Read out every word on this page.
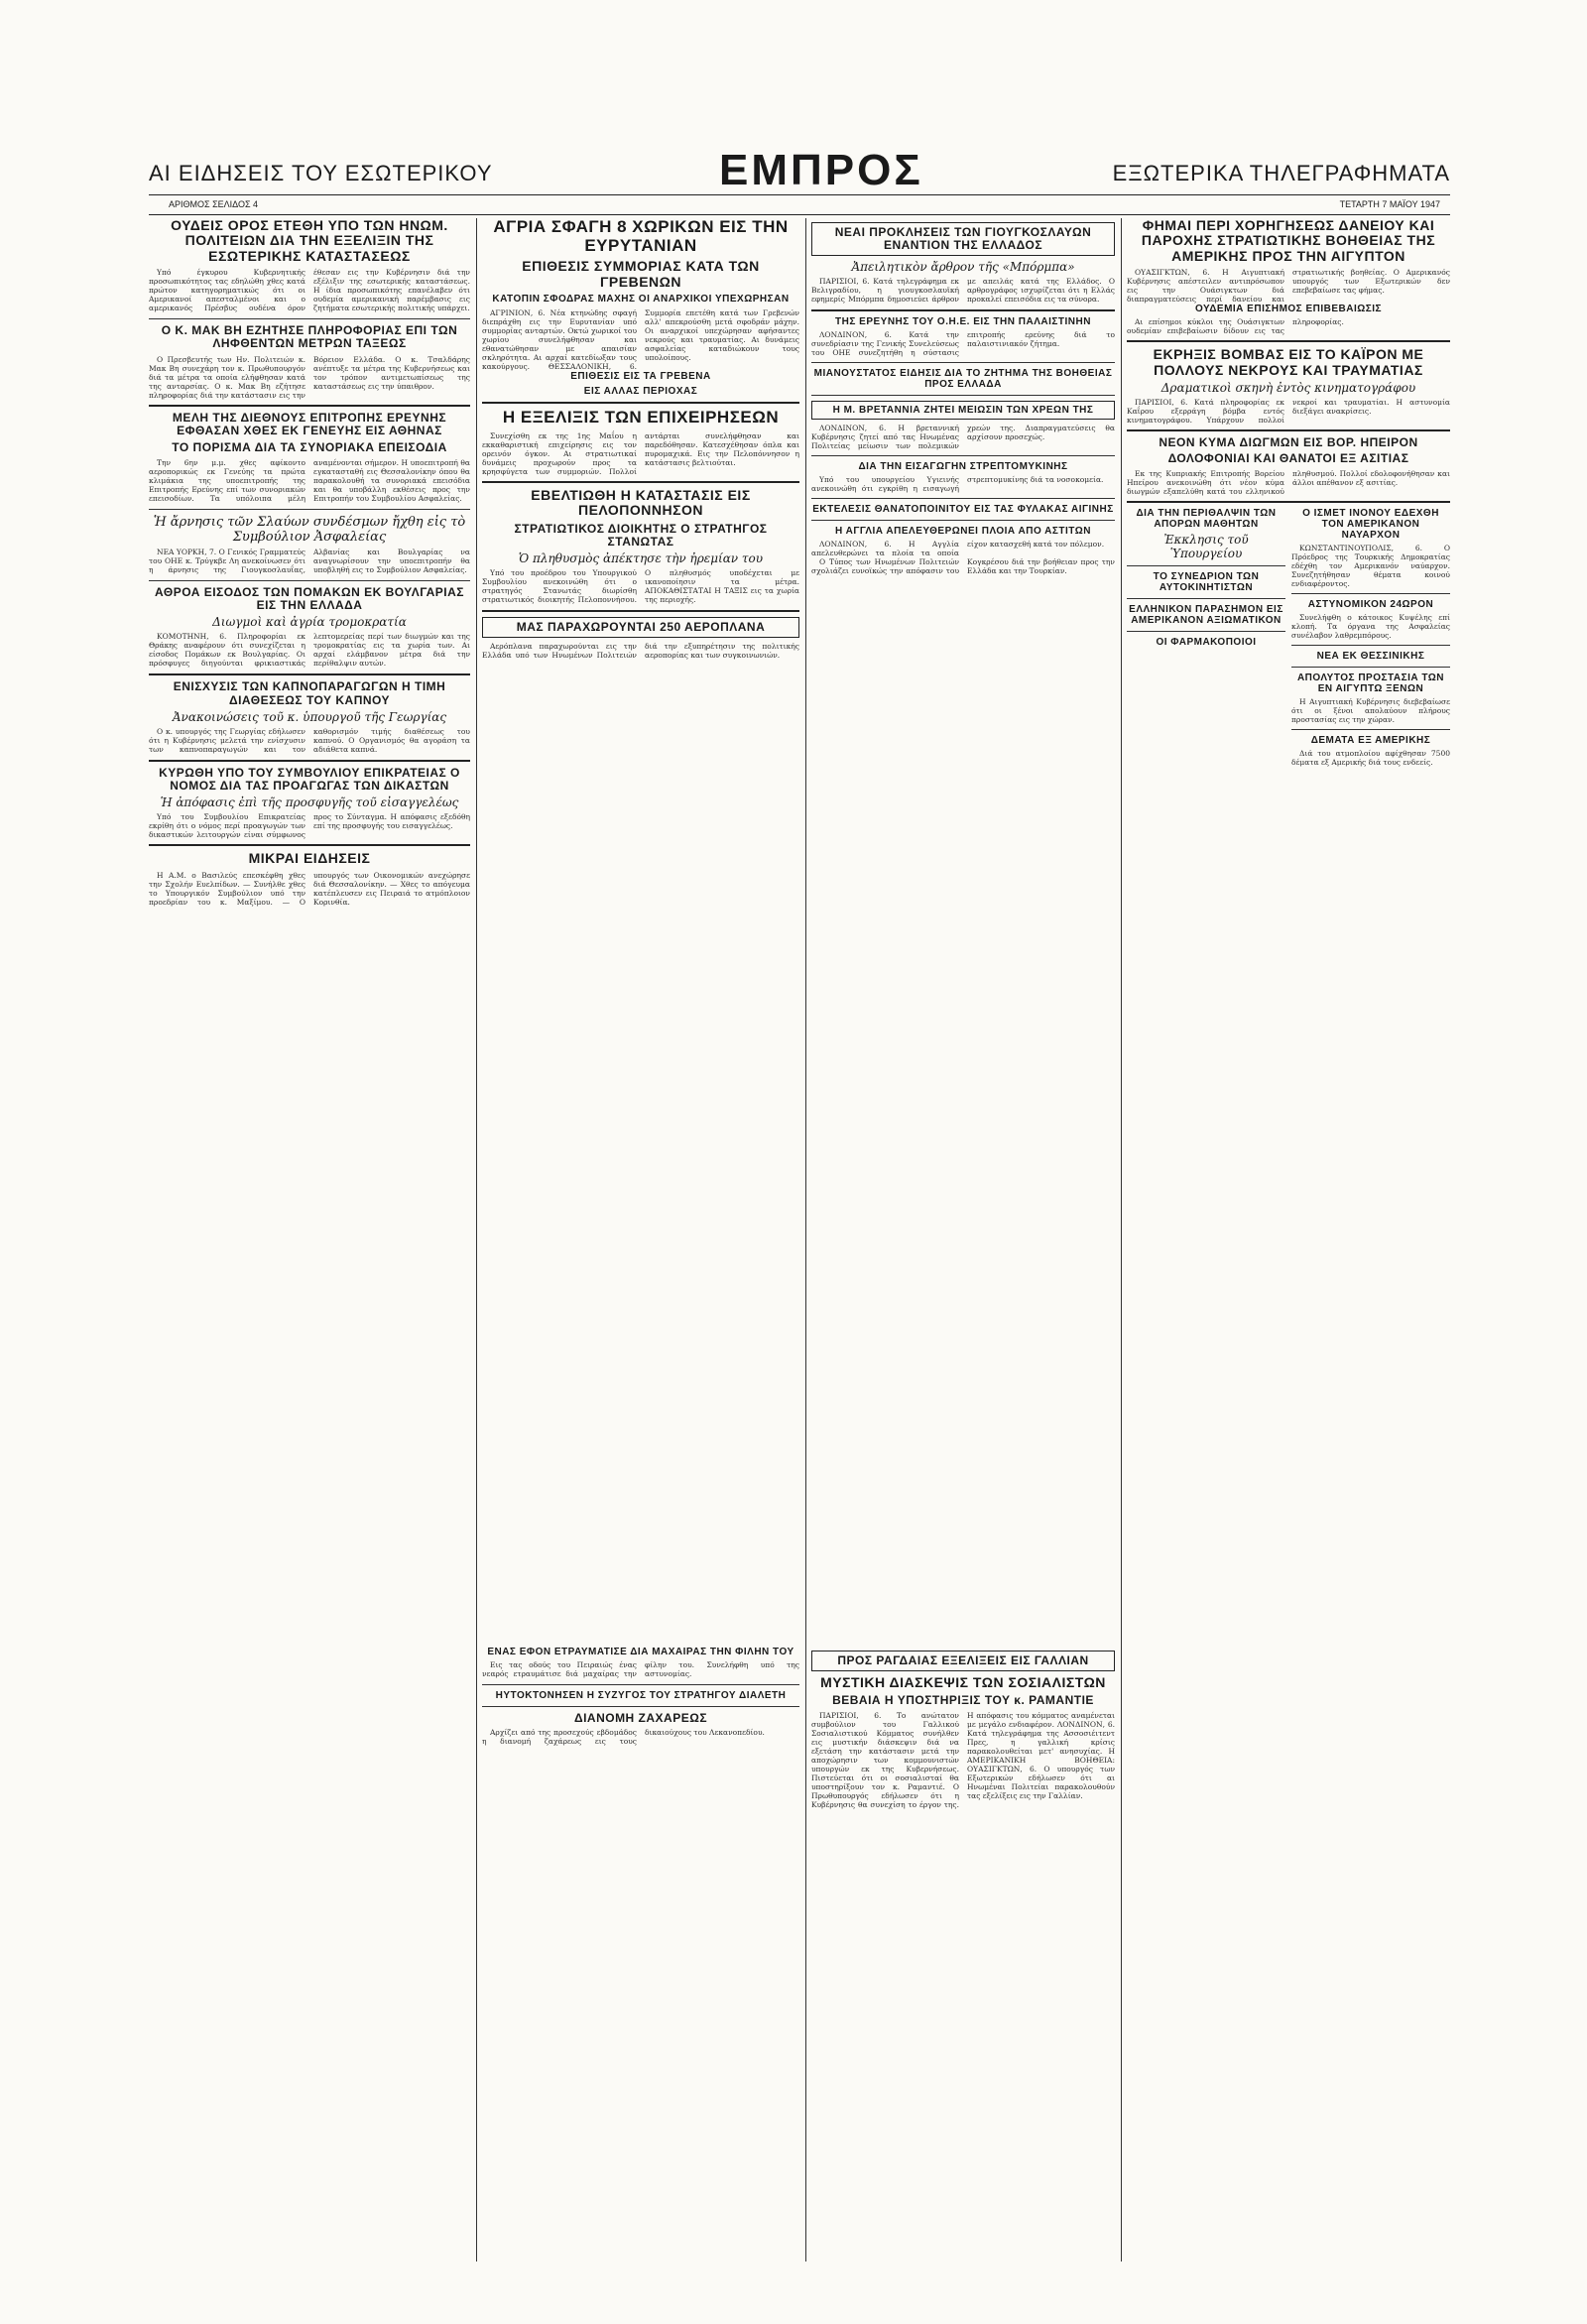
ΑΙ ΕΙΔΗΣΕΙΣ ΤΟΥ ΕΣΩΤΕΡΙΚΟΥ	ΕΜΠΡΟΣ	ΕΞΩΤΕΡΙΚΑ ΤΗΛΕΓΡΑΦΗΜΑΤΑ
ΑΡΙΘΜΟΣ ΣΕΛΙΔΟΣ 4	ΤΕΤΑΡΤΗ 7 ΜΑΪΟΥ 1947
ΟΥΔΕΙΣ ΟΡΟΣ ΕΤΕΘΗ ΥΠΟ ΤΩΝ ΗΝΩΜ. ΠΟΛΙΤΕΙΩΝ ΔΙΑ ΤΗΝ ΕΞΕΛΙΞΙΝ ΤΗΣ ΕΣΩΤΕΡΙΚΗΣ ΚΑΤΑΣΤΑΣΕΩΣ

Υπό έγκυρου Κυβερνητικής προσωπικότητος τας εδηλώθη χθες κατά πρώτον κατηγορηματικώς ότι οι Αμερικανοί απεσταλμένοι και ο αμερικανός Πρέσβυς ουδένα όρον έθεσαν εις την Κυβέρνησιν διά την εξέλιξιν της εσωτερικής καταστάσεως. Η ίδια προσωπικότης επανέλαβεν ότι ουδεμία αμερικανική παρέμβασις εις ζητήματα εσωτερικής πολιτικής υπάρχει.

Ο Κ. ΜΑΚ ΒΗ ΕΖΗΤΗΣΕ ΠΛΗΡΟΦΟΡΙΑΣ ΕΠΙ ΤΩΝ ΛΗΦΘΕΝΤΩΝ ΜΕΤΡΩΝ ΤΑΞΕΩΣ

Ο Πρεσβευτής των Ην. Πολιτειών κ. Μακ Βη συνεχάρη τον κ. Πρωθυπουργόν διά τα μέτρα τα οποία ελήφθησαν κατά της ανταρσίας. Ο κ. Μακ Βη εζήτησε πληροφορίας διά την κατάστασιν εις την Βόρειον Ελλάδα. Ο κ. Τσαλδάρης ανέπτυξε τα μέτρα της Κυβερνήσεως και τον τρόπον αντιμετωπίσεως της καταστάσεως εις την ύπαιθρον.

ΜΕΛΗ ΤΗΣ ΔΙΕΘΝΟΥΣ ΕΠΙΤΡΟΠΗΣ ΕΡΕΥΝΗΣ ΕΦΘΑΣΑΝ ΧΘΕΣ ΕΚ ΓΕΝΕΥΗΣ ΕΙΣ ΑΘΗΝΑΣ
ΤΟ ΠΟΡΙΣΜΑ ΔΙΑ ΤΑ ΣΥΝΟΡΙΑΚΑ ΕΠΕΙΣΟΔΙΑ

Την 6ην μ.μ. χθες αφίκοντο αεροπορικώς εκ Γενεύης τα πρώτα κλιμάκια της υποεπιτροπής της Επιτροπής Ερεύνης επί των συνοριακών επεισοδίων. Τα υπόλοιπα μέλη αναμένονται σήμερον. Η υποεπιτροπή θα εγκατασταθή εις Θεσσαλονίκην όπου θα παρακολουθή τα συνοριακά επεισόδια και θα υποβάλλη εκθέσεις προς την Επιτροπήν του Συμβουλίου Ασφαλείας.

Ἡ ἄρνησις τῶν Σλαύων συνδέσμων ἤχθη εἰς τὸ Συμβούλιον Ἀσφαλείας

ΝΕΑ ΥΟΡΚΗ, 7. Ο Γενικός Γραμματεύς του ΟΗΕ κ. Τρύγκβε Λη ανεκοίνωσεν ότι η άρνησις της Γιουγκοσλαυΐας, Αλβανίας και Βουλγαρίας να αναγνωρίσουν την υποεπιτροπήν θα υποβληθή εις το Συμβούλιον Ασφαλείας.

ΑΘΡΟΑ ΕΙΣΟΔΟΣ ΤΩΝ ΠΟΜΑΚΩΝ ΕΚ ΒΟΥΛΓΑΡΙΑΣ ΕΙΣ ΤΗΝ ΕΛΛΑΔΑ
Διωγμοὶ καὶ ἀγρία τρομοκρατία

ΚΟΜΟΤΗΝΗ, 6. Πληροφορίαι εκ Θράκης αναφέρουν ότι συνεχίζεται η είσοδος Πομάκων εκ Βουλγαρίας. Οι πρόσφυγες διηγούνται φρικιαστικάς λεπτομερείας περί των διωγμών και της τρομοκρατίας εις τα χωρία των. Αι αρχαί ελάμβανον μέτρα διά την περίθαλψιν αυτών.

ΕΝΙΣΧΥΣΙΣ ΤΩΝ ΚΑΠΝΟΠΑΡΑΓΩΓΩΝ Η ΤΙΜΗ ΔΙΑΘΕΣΕΩΣ ΤΟΥ ΚΑΠΝΟΥ
Ἀνακοινώσεις τοῦ κ. ὑπουργοῦ τῆς Γεωργίας

Ο κ. υπουργός της Γεωργίας εδήλωσεν ότι η Κυβέρνησις μελετά την ενίσχυσιν των καπνοπαραγωγών και τον καθορισμόν τιμής διαθέσεως του καπνού. Ο Οργανισμός θα αγοράση τα αδιάθετα καπνά.

ΚΥΡΩΘΗ ΥΠΟ ΤΟΥ ΣΥΜΒΟΥΛΙΟΥ ΕΠΙΚΡΑΤΕΙΑΣ Ο ΝΟΜΟΣ ΔΙΑ ΤΑΣ ΠΡΟΑΓΩΓΑΣ ΤΩΝ ΔΙΚΑΣΤΩΝ
Ἡ ἀπόφασις ἐπὶ τῆς προσφυγῆς τοῦ εἰσαγγελέως

Υπό του Συμβουλίου Επικρατείας εκρίθη ότι ο νόμος περί προαγωγών των δικαστικών λειτουργών είναι σύμφωνος προς το Σύνταγμα. Η απόφασις εξεδόθη επί της προσφυγής του εισαγγελέως.

ΜΙΚΡΑΙ ΕΙΔΗΣΕΙΣ

Η Α.Μ. ο Βασιλεύς επεσκέφθη χθες την Σχολήν Ευελπίδων. — Συνήλθε χθες το Υπουργικόν Συμβούλιον υπό την προεδρίαν του κ. Μαξίμου. — Ο υπουργός των Οικονομικών ανεχώρησε διά Θεσσαλονίκην. — Χθες το απόγευμα κατέπλευσεν εις Πειραιά το ατμόπλοιον Κορινθία.

ΑΓΡΙΑ ΣΦΑΓΗ 8 ΧΩΡΙΚΩΝ ΕΙΣ ΤΗΝ ΕΥΡΥΤΑΝΙΑΝ
ΕΠΙΘΕΣΙΣ ΣΥΜΜΟΡΙΑΣ ΚΑΤΑ ΤΩΝ ΓΡΕΒΕΝΩΝ
ΚΑΤΟΠΙΝ ΣΦΟΔΡΑΣ ΜΑΧΗΣ ΟΙ ΑΝΑΡΧΙΚΟΙ ΥΠΕΧΩΡΗΣΑΝ

ΑΓΡΙΝΙΟΝ, 6. Νέα κτηνώδης σφαγή διεπράχθη εις την Ευρυτανίαν υπό συμμορίας ανταρτών. Οκτώ χωρικοί του χωρίου συνελήφθησαν και εθανατώθησαν με απαισίαν σκληρότητα. Αι αρχαί κατεδίωξαν τους κακούργους. ΘΕΣΣΑΛΟΝΙΚΗ, 6. Συμμορία επετέθη κατά των Γρεβενών αλλ' απεκρούσθη μετά σφοδράν μάχην. Οι αναρχικοί υπεχώρησαν αφήσαντες νεκρούς και τραυματίας. Αι δυνάμεις ασφαλείας καταδιώκουν τους υπολοίπους.

ΕΠΙΘΕΣΙΣ ΕΙΣ ΤΑ ΓΡΕΒΕΝΑ
ΕΙΣ ΑΛΛΑΣ ΠΕΡΙΟΧΑΣ
Η ΕΞΕΛΙΞΙΣ ΤΩΝ ΕΠΙΧΕΙΡΗΣΕΩΝ

Συνεχίσθη εκ της 1ης Μαΐου η εκκαθαριστική επιχείρησις εις τον ορεινόν όγκον. Αι στρατιωτικαί δυνάμεις προχωρούν προς τα κρησφύγετα των συμμοριών. Πολλοί αντάρται συνελήφθησαν και παρεδόθησαν. Κατεσχέθησαν όπλα και πυρομαχικά. Εις την Πελοπόννησον η κατάστασις βελτιούται.

ΕΒΕΛΤΙΩΘΗ Η ΚΑΤΑΣΤΑΣΙΣ ΕΙΣ ΠΕΛΟΠΟΝΝΗΣΟΝ
ΣΤΡΑΤΙΩΤΙΚΟΣ ΔΙΟΙΚΗΤΗΣ Ο ΣΤΡΑΤΗΓΟΣ ΣΤΑΝΩΤΑΣ
Ὁ πληθυσμὸς ἀπέκτησε τὴν ἠρεμίαν του

Υπό του προέδρου του Υπουργικού Συμβουλίου ανεκοινώθη ότι ο στρατηγός Στανωτάς διωρίσθη στρατιωτικός διοικητής Πελοποννήσου. Ο πληθυσμός υποδέχεται με ικανοποίησιν τα μέτρα. ΑΠΟΚΑΘΙΣΤΑΤΑΙ Η ΤΑΞΙΣ εις τα χωρία της περιοχής.

ΜΑΣ ΠΑΡΑΧΩΡΟΥΝΤΑΙ 250 ΑΕΡΟΠΛΑΝΑ

Αερόπλανα παραχωρούνται εις την Ελλάδα υπό των Ηνωμένων Πολιτειών διά την εξυπηρέτησιν της πολιτικής αεροπορίας και των συγκοινωνιών.

ΕΝΑΣ ΕΦΟΝ ΕΤΡΑΥΜΑΤΙΣΕ ΔΙΑ ΜΑΧΑΙΡΑΣ ΤΗΝ ΦΙΛΗΝ ΤΟΥ

Εις τας οδούς του Πειραιώς ένας νεαρός ετραυμάτισε διά μαχαίρας την φίλην του. Συνελήφθη υπό της αστυνομίας.

ΗΥΤΟΚΤΟΝΗΣΕΝ Η ΣΥΖΥΓΟΣ ΤΟΥ ΣΤΡΑΤΗΓΟΥ ΔΙΑΛΕΤΗ
ΔΙΑΝΟΜΗ ΖΑΧΑΡΕΩΣ

Αρχίζει από της προσεχούς εβδομάδος η διανομή ζαχάρεως εις τους δικαιούχους του Λεκανοπεδίου.

ΝΕΑΙ ΠΡΟΚΛΗΣΕΙΣ ΤΩΝ ΓΙΟΥΓΚΟΣΛΑΥΩΝ ΕΝΑΝΤΙΟΝ ΤΗΣ ΕΛΛΑΔΟΣ
Ἀπειλητικὸν ἄρθρον τῆς «Μπόρμπα»

ΠΑΡΙΣΙΟΙ, 6. Κατά τηλεγράφημα εκ Βελιγραδίου, η γιουγκοσλαυϊκή εφημερίς Μπόρμπα δημοσιεύει άρθρον με απειλάς κατά της Ελλάδος. Ο αρθρογράφος ισχυρίζεται ότι η Ελλάς προκαλεί επεισόδια εις τα σύνορα.

ΤΗΣ ΕΡΕΥΝΗΣ ΤΟΥ Ο.Η.Ε. ΕΙΣ ΤΗΝ ΠΑΛΑΙΣΤΙΝΗΝ

ΛΟΝΔΙΝΟΝ, 6. Κατά την συνεδρίασιν της Γενικής Συνελεύσεως του ΟΗΕ συνεζητήθη η σύστασις επιτροπής ερεύνης διά το παλαιστινιακόν ζήτημα.

ΜΙΑΝΟΥΣΤΑΤΟΣ ΕΙΔΗΣΙΣ ΔΙΑ ΤΟ ΖΗΤΗΜΑ ΤΗΣ ΒΟΗΘΕΙΑΣ ΠΡΟΣ ΕΛΛΑΔΑ
Η Μ. ΒΡΕΤΑΝΝΙΑ ΖΗΤΕΙ ΜΕΙΩΣΙΝ ΤΩΝ ΧΡΕΩΝ ΤΗΣ

ΛΟΝΔΙΝΟΝ, 6. Η βρεταννική Κυβέρνησις ζητεί από τας Ηνωμένας Πολιτείας μείωσιν των πολεμικών χρεών της. Διαπραγματεύσεις θα αρχίσουν προσεχώς.

ΔΙΑ ΤΗΝ ΕΙΣΑΓΩΓΗΝ ΣΤΡΕΠΤΟΜΥΚΙΝΗΣ

Υπό του υπουργείου Υγιεινής ανεκοινώθη ότι εγκρίθη η εισαγωγή στρεπτομυκίνης διά τα νοσοκομεία.

ΕΚΤΕΛΕΣΙΣ ΘΑΝΑΤΟΠΟΙΝΙΤΟΥ ΕΙΣ ΤΑΣ ΦΥΛΑΚΑΣ ΑΙΓΙΝΗΣ
Η ΑΓΓΛΙΑ ΑΠΕΛΕΥΘΕΡΩΝΕΙ ΠΛΟΙΑ ΑΠΟ ΑΣΤΙΤΩΝ

ΛΟΝΔΙΝΟΝ, 6. Η Αγγλία απελευθερώνει τα πλοία τα οποία είχον κατασχεθή κατά τον πόλεμον.

Ο Τύπος των Ηνωμένων Πολιτειών σχολιάζει ευνοϊκώς την απόφασιν του Κογκρέσου διά την βοήθειαν προς την Ελλάδα και την Τουρκίαν.

ΠΡΟΣ ΡΑΓΔΑΙΑΣ ΕΞΕΛΙΞΕΙΣ ΕΙΣ ΓΑΛΛΙΑΝ
ΜΥΣΤΙΚΗ ΔΙΑΣΚΕΨΙΣ ΤΩΝ ΣΟΣΙΑΛΙΣΤΩΝ
ΒΕΒΑΙΑ Η ΥΠΟΣΤΗΡΙΞΙΣ ΤΟΥ κ. ΡΑΜΑΝΤΙΕ

ΠΑΡΙΣΙΟΙ, 6. Το ανώτατον συμβούλιον του Γαλλικού Σοσιαλιστικού Κόμματος συνήλθεν εις μυστικήν διάσκεψιν διά να εξετάση την κατάστασιν μετά την αποχώρησιν των κομμουνιστών υπουργών εκ της Κυβερνήσεως. Πιστεύεται ότι οι σοσιαλισταί θα υποστηρίξουν τον κ. Ραμαντιέ. Ο Πρωθυπουργός εδήλωσεν ότι η Κυβέρνησις θα συνεχίση το έργον της. Η απόφασις του κόμματος αναμένεται με μεγάλο ενδιαφέρον. ΛΟΝΔΙΝΟΝ, 6. Κατά τηλεγράφημα της Ασσοσιέιτεντ Πρες, η γαλλική κρίσις παρακολουθείται μετ' ανησυχίας. Η ΑΜΕΡΙΚΑΝΙΚΗ ΒΟΗΘΕΙΑ: ΟΥΑΣΙΓΚΤΩΝ, 6. Ο υπουργός των Εξωτερικών εδήλωσεν ότι αι Ηνωμέναι Πολιτείαι παρακολουθούν τας εξελίξεις εις την Γαλλίαν.

ΦΗΜΑΙ ΠΕΡΙ ΧΟΡΗΓΗΣΕΩΣ ΔΑΝΕΙΟΥ ΚΑΙ ΠΑΡΟΧΗΣ ΣΤΡΑΤΙΩΤΙΚΗΣ ΒΟΗΘΕΙΑΣ ΤΗΣ ΑΜΕΡΙΚΗΣ ΠΡΟΣ ΤΗΝ ΑΙΓΥΠΤΟΝ

ΟΥΑΣΙΓΚΤΩΝ, 6. Η Αιγυπτιακή Κυβέρνησις απέστειλεν αντιπρόσωπον εις την Ουάσιγκτων διά διαπραγματεύσεις περί δανείου και στρατιωτικής βοηθείας. Ο Αμερικανός υπουργός των Εξωτερικών δεν επεβεβαίωσε τας φήμας.

ΟΥΔΕΜΙΑ ΕΠΙΣΗΜΟΣ ΕΠΙΒΕΒΑΙΩΣΙΣ

Αι επίσημοι κύκλοι της Ουάσιγκτων ουδεμίαν επιβεβαίωσιν δίδουν εις τας πληροφορίας.

ΕΚΡΗΞΙΣ ΒΟΜΒΑΣ ΕΙΣ ΤΟ ΚΑΪΡΟΝ ΜΕ ΠΟΛΛΟΥΣ ΝΕΚΡΟΥΣ ΚΑΙ ΤΡΑΥΜΑΤΙΑΣ
Δραματικοὶ σκηνὴ ἐντὸς κινηματογράφου

ΠΑΡΙΣΙΟΙ, 6. Κατά πληροφορίας εκ Καΐρου εξερράγη βόμβα εντός κινηματογράφου. Υπάρχουν πολλοί νεκροί και τραυματίαι. Η αστυνομία διεξάγει ανακρίσεις.

ΝΕΟΝ ΚΥΜΑ ΔΙΩΓΜΩΝ ΕΙΣ ΒΟΡ. ΗΠΕΙΡΟΝ
ΔΟΛΟΦΟΝΙΑΙ ΚΑΙ ΘΑΝΑΤΟΙ ΕΞ ΑΣΙΤΙΑΣ

Εκ της Κυπριακής Επιτροπής Βορείου Ηπείρου ανεκοινώθη ότι νέον κύμα διωγμών εξαπελύθη κατά του ελληνικού πληθυσμού. Πολλοί εδολοφονήθησαν και άλλοι απέθανον εξ ασιτίας.

ΔΙΑ ΤΗΝ ΠΕΡΙΘΑΛΨΙΝ ΤΩΝ ΑΠΟΡΩΝ ΜΑΘΗΤΩΝ
Ἐκκλησις τοῦ Ὑπουργείου
ΤΟ ΣΥΝΕΔΡΙΟΝ ΤΩΝ ΑΥΤΟΚΙΝΗΤΙΣΤΩΝ
ΕΛΛΗΝΙΚΟΝ ΠΑΡΑΣΗΜΟΝ ΕΙΣ ΑΜΕΡΙΚΑΝΟΝ ΑΞΙΩΜΑΤΙΚΟΝ
ΟΙ ΦΑΡΜΑΚΟΠΟΙΟΙ
Ο ΙΣΜΕΤ ΙΝΟΝΟΥ ΕΔΕΧΘΗ ΤΟΝ ΑΜΕΡΙΚΑΝΟΝ ΝΑΥΑΡΧΟΝ

ΚΩΝΣΤΑΝΤΙΝΟΥΠΟΛΙΣ, 6. Ο Πρόεδρος της Τουρκικής Δημοκρατίας εδέχθη τον Αμερικανόν ναύαρχον. Συνεζητήθησαν θέματα κοινού ενδιαφέροντος.

ΑΣΤΥΝΟΜΙΚΟΝ 24ΩΡΟΝ

Συνελήφθη ο κάτοικος Κυψέλης επί κλοπή. Τα όργανα της Ασφαλείας συνέλαβον λαθρεμπόρους.

ΝΕΑ ΕΚ ΘΕΣΣΙΝΙΚΗΣ
ΑΠΟΛΥΤΟΣ ΠΡΟΣΤΑΣΙΑ ΤΩΝ ΕΝ ΑΙΓΥΠΤΩ ΞΕΝΩΝ

Η Αιγυπτιακή Κυβέρνησις διεβεβαίωσε ότι οι ξένοι απολαύουν πλήρους προστασίας εις την χώραν.

ΔΕΜΑΤΑ ΕΞ ΑΜΕΡΙΚΗΣ

Διά του ατμοπλοίου αφίχθησαν 7500 δέματα εξ Αμερικής διά τους ενδεείς.
